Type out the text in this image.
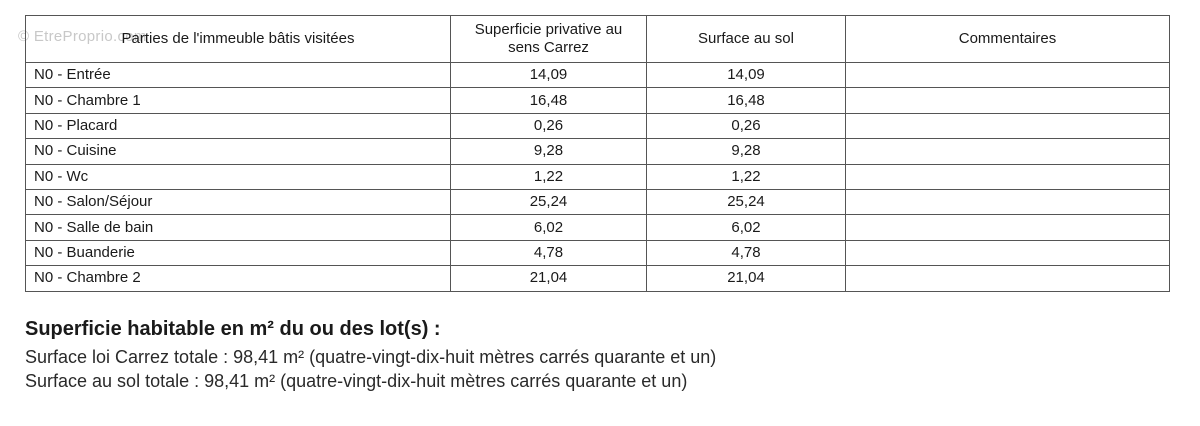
© EtreProprio.com
Parties de l'immeuble bâtis visitées	Superficie privative au sens Carrez	Surface au sol	Commentaires
N0 - Entrée	14,09	14,09	
N0 - Chambre 1	16,48	16,48	
N0 - Placard	0,26	0,26	
N0 - Cuisine	9,28	9,28	
N0 - Wc	1,22	1,22	
N0 - Salon/Séjour	25,24	25,24	
N0 - Salle de bain	6,02	6,02	
N0 - Buanderie	4,78	4,78	
N0 - Chambre 2	21,04	21,04	
Superficie habitable en m² du ou des lot(s) :

Surface loi Carrez totale : 98,41 m² (quatre-vingt-dix-huit mètres carrés quarante et un)

Surface au sol totale : 98,41 m² (quatre-vingt-dix-huit mètres carrés quarante et un)
